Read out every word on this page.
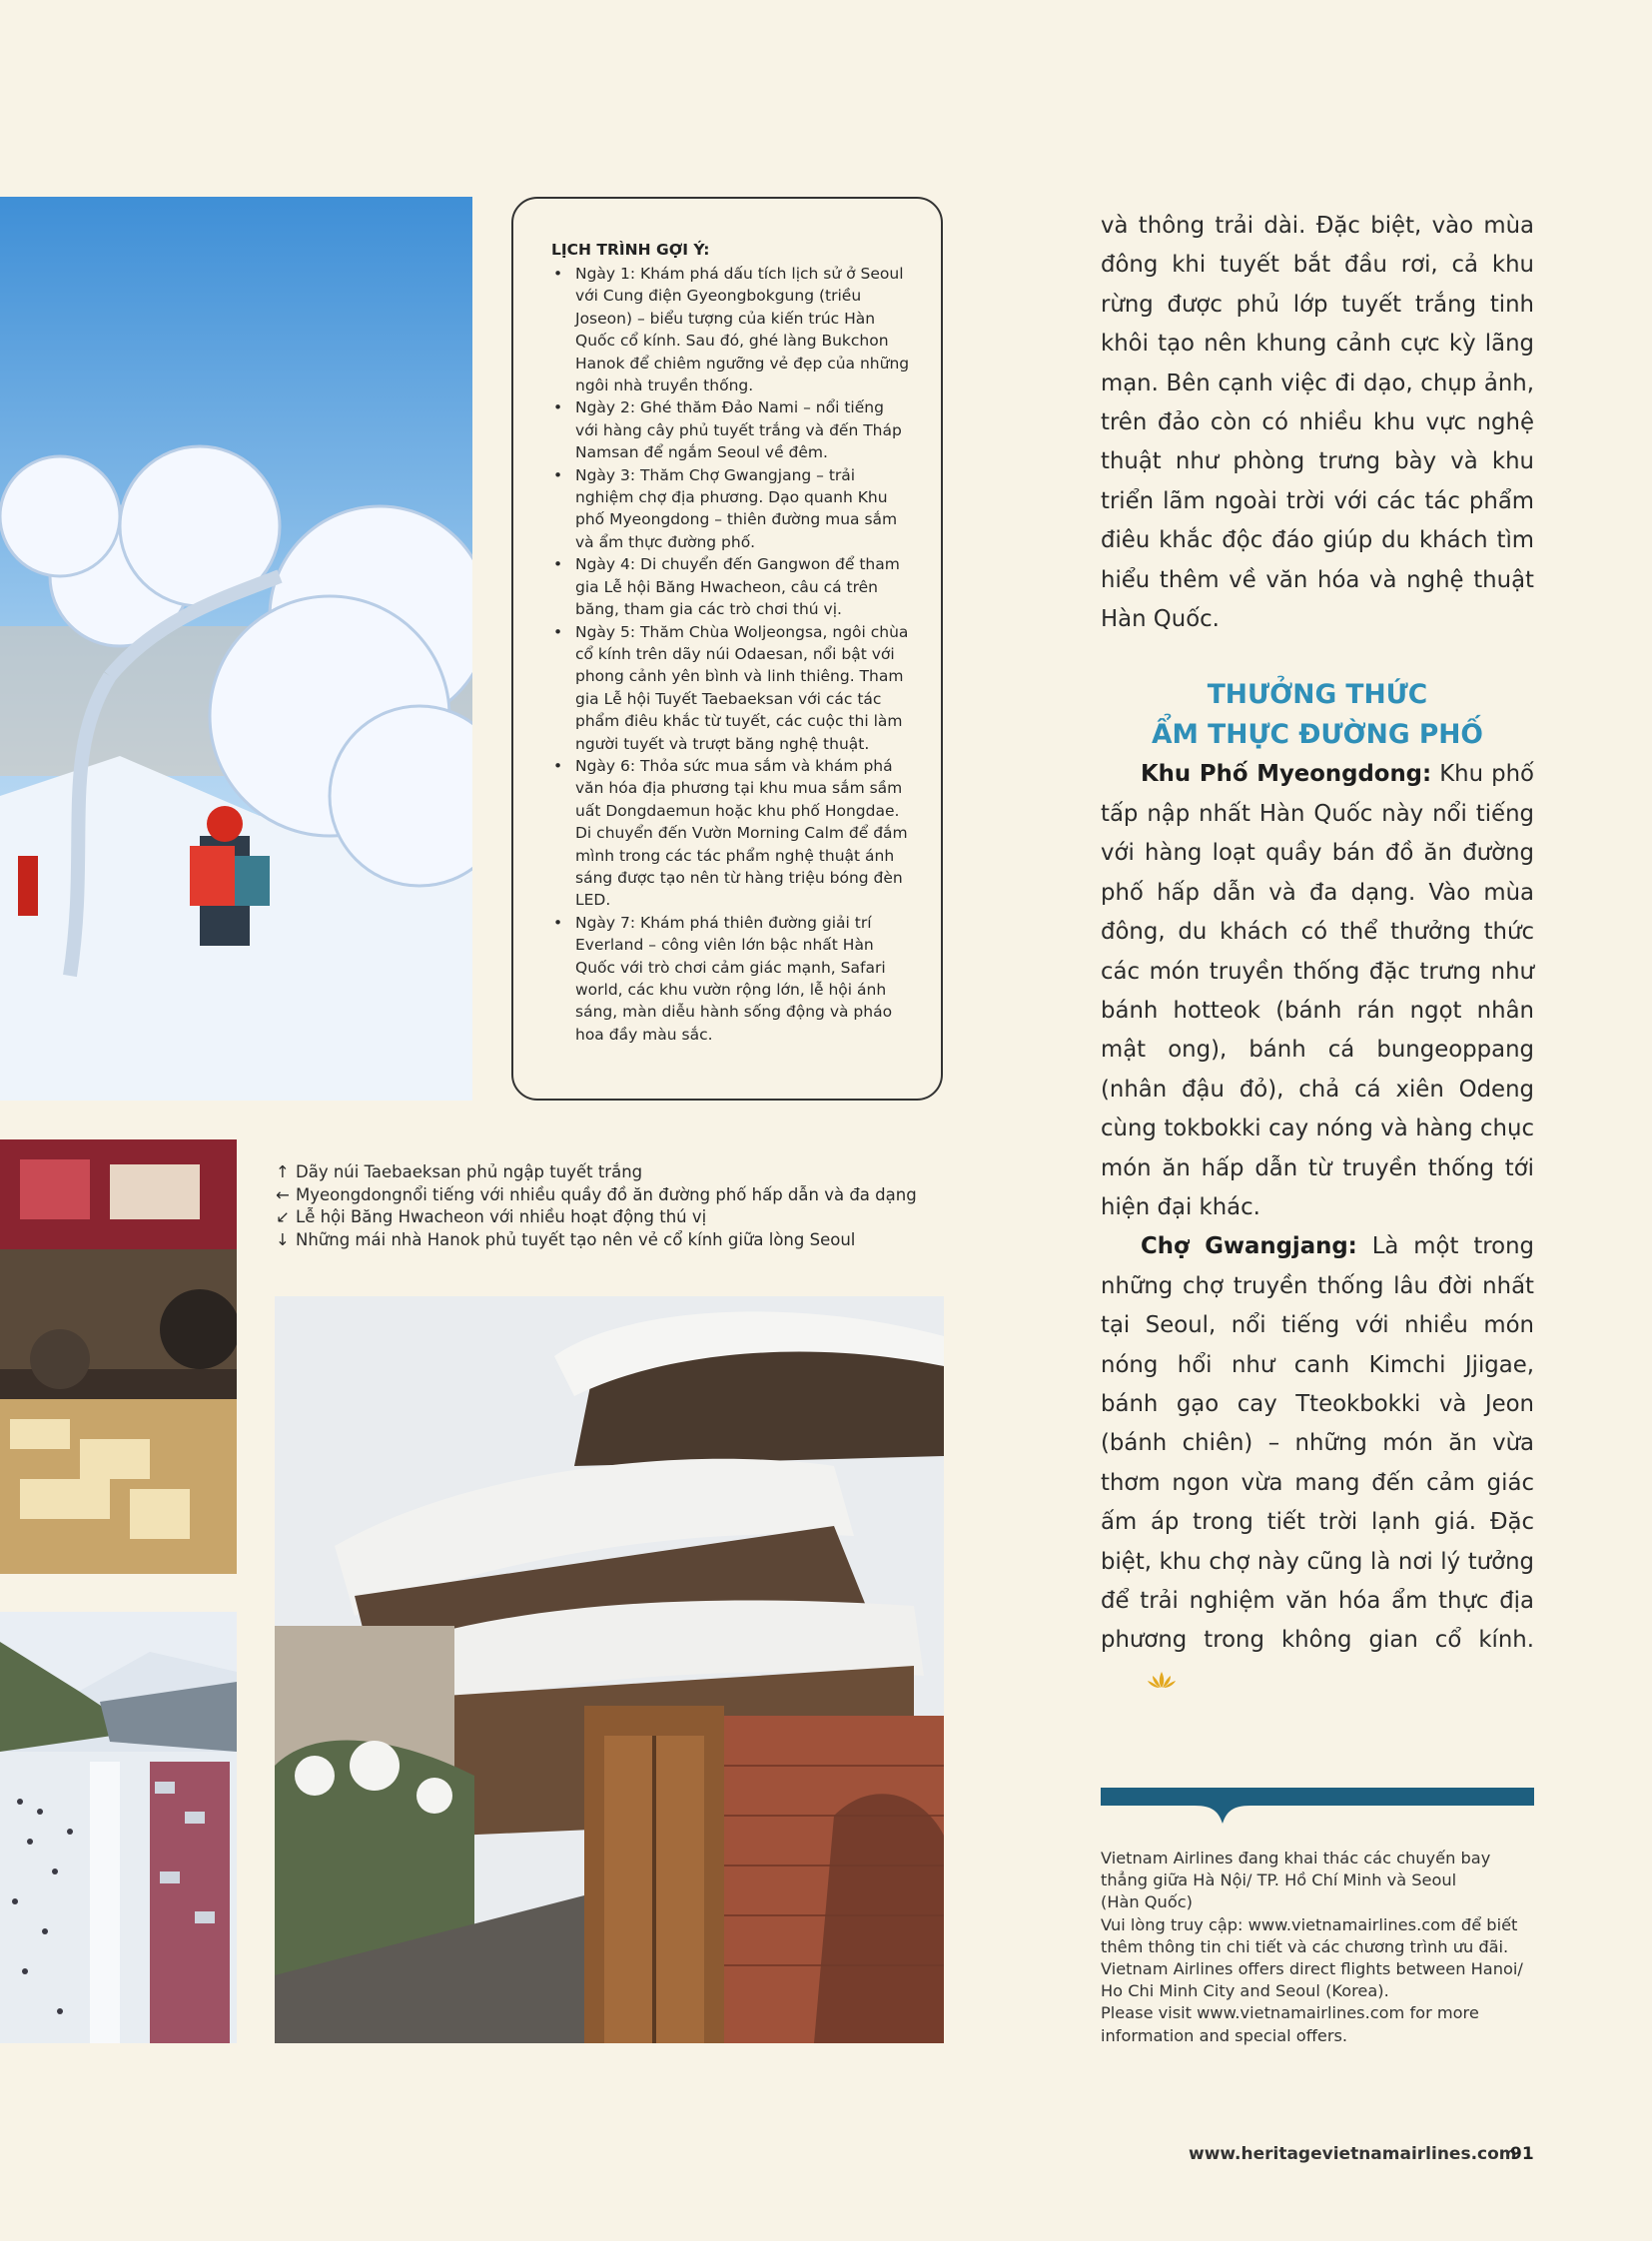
LỊCH TRÌNH GỢI Ý:
• Ngày 1: Khám phá dấu tích lịch sử ở Seoul với Cung điện Gyeongbokgung (triều Joseon) – biểu tượng của kiến trúc Hàn Quốc cổ kính. Sau đó, ghé làng Bukchon Hanok để chiêm ngưỡng vẻ đẹp của những ngôi nhà truyền thống.
• Ngày 2: Ghé thăm Đảo Nami – nổi tiếng với hàng cây phủ tuyết trắng và đến Tháp Namsan để ngắm Seoul về đêm.
• Ngày 3: Thăm Chợ Gwangjang – trải nghiệm chợ địa phương. Dạo quanh Khu phố Myeongdong – thiên đường mua sắm và ẩm thực đường phố.
• Ngày 4: Di chuyển đến Gangwon để tham gia Lễ hội Băng Hwacheon, câu cá trên băng, tham gia các trò chơi thú vị.
• Ngày 5: Thăm Chùa Woljeongsa, ngôi chùa cổ kính trên dãy núi Odaesan, nổi bật với phong cảnh yên bình và linh thiêng. Tham gia Lễ hội Tuyết Taebaeksan với các tác phẩm điêu khắc từ tuyết, các cuộc thi làm người tuyết và trượt băng nghệ thuật.
• Ngày 6: Thỏa sức mua sắm và khám phá văn hóa địa phương tại khu mua sắm sầm uất Dongdaemun hoặc khu phố Hongdae. Di chuyển đến Vườn Morning Calm để đắm mình trong các tác phẩm nghệ thuật ánh sáng được tạo nên từ hàng triệu bóng đèn LED.
• Ngày 7: Khám phá thiên đường giải trí Everland – công viên lớn bậc nhất Hàn Quốc với trò chơi cảm giác mạnh, Safari world, các khu vườn rộng lớn, lễ hội ánh sáng, màn diễu hành sống động và pháo hoa đầy màu sắc.
↑ Dãy núi Taebaeksan phủ ngập tuyết trắng
← Myeongdongnổi tiếng với nhiều quầy đồ ăn đường phố hấp dẫn và đa dạng
↙ Lễ hội Băng Hwacheon với nhiều hoạt động thú vị
↓ Những mái nhà Hanok phủ tuyết tạo nên vẻ cổ kính giữa lòng Seoul

và thông trải dài. Đặc biệt, vào mùa đông khi tuyết bắt đầu rơi, cả khu rừng được phủ lớp tuyết trắng tinh khôi tạo nên khung cảnh cực kỳ lãng mạn. Bên cạnh việc đi dạo, chụp ảnh, trên đảo còn có nhiều khu vực nghệ thuật như phòng trưng bày và khu triển lãm ngoài trời với các tác phẩm điêu khắc độc đáo giúp du khách tìm hiểu thêm về văn hóa và nghệ thuật Hàn Quốc.

THƯỞNG THỨC
ẨM THỰC ĐƯỜNG PHỐ

Khu Phố Myeongdong: Khu phố tấp nập nhất Hàn Quốc này nổi tiếng với hàng loạt quầy bán đồ ăn đường phố hấp dẫn và đa dạng. Vào mùa đông, du khách có thể thưởng thức các món truyền thống đặc trưng như bánh hotteok (bánh rán ngọt nhân mật ong), bánh cá bungeoppang (nhân đậu đỏ), chả cá xiên Odeng cùng tokbokki cay nóng và hàng chục món ăn hấp dẫn từ truyền thống tới hiện đại khác.

Chợ Gwangjang: Là một trong những chợ truyền thống lâu đời nhất tại Seoul, nổi tiếng với nhiều món nóng hổi như canh Kimchi Jjigae, bánh gạo cay Tteokbokki và Jeon (bánh chiên) – những món ăn vừa thơm ngon vừa mang đến cảm giác ấm áp trong tiết trời lạnh giá. Đặc biệt, khu chợ này cũng là nơi lý tưởng để trải nghiệm văn hóa ẩm thực địa phương trong không gian cổ kính.

Vietnam Airlines đang khai thác các chuyến bay
thẳng giữa Hà Nội/ TP. Hồ Chí Minh và Seoul
(Hàn Quốc)
Vui lòng truy cập: www.vietnamairlines.com để biết
thêm thông tin chi tiết và các chương trình ưu đãi.
Vietnam Airlines offers direct flights between Hanoi/
Ho Chi Minh City and Seoul (Korea).
Please visit www.vietnamairlines.com for more
information and special offers.
www.heritagevietnamairlines.com
91
